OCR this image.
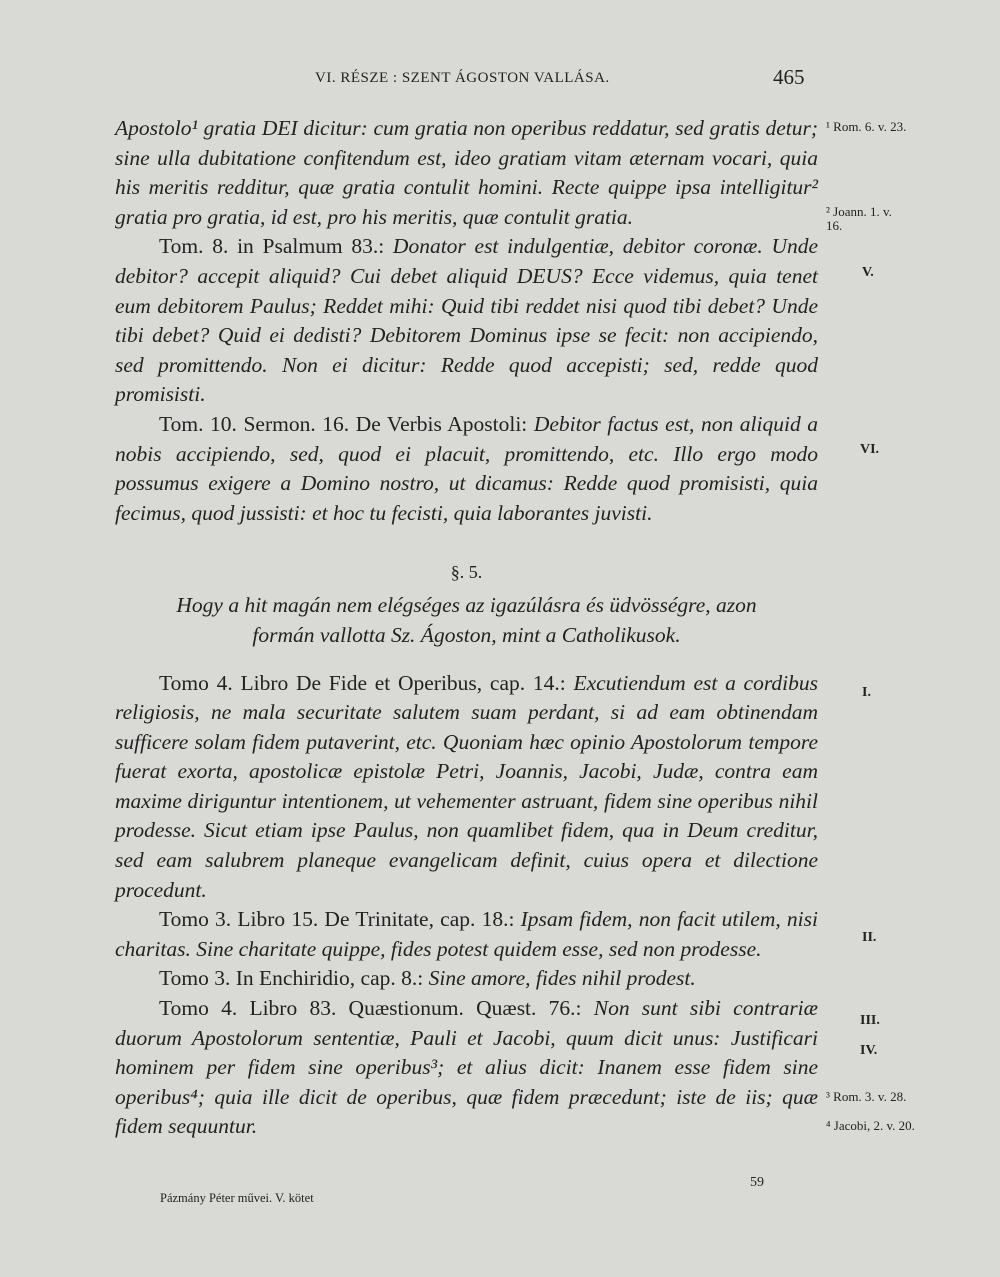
VI. RÉSZE : SZENT ÁGOSTON VALLÁSA.	465

Apostolo¹ gratia DEI dicitur: cum gratia non operibus reddatur, sed gratis detur; sine ulla dubitatione confitendum est, ideo gratiam vitam æternam vocari, quia his meritis redditur, quæ gratia contulit homini. Recte quippe ipsa intelligitur² gratia pro gratia, id est, pro his meritis, quæ contulit gratia.

Tom. 8. in Psalmum 83.: Donator est indulgentiæ, debitor coronæ. Unde debitor? accepit aliquid? Cui debet aliquid DEUS? Ecce videmus, quia tenet eum debitorem Paulus; Reddet mihi: Quid tibi reddet nisi quod tibi debet? Unde tibi debet? Quid ei dedisti? Debitorem Dominus ipse se fecit: non accipiendo, sed promittendo. Non ei dicitur: Redde quod accepisti; sed, redde quod promisisti.

Tom. 10. Sermon. 16. De Verbis Apostoli: Debitor factus est, non aliquid a nobis accipiendo, sed, quod ei placuit, promittendo, etc. Illo ergo modo possumus exigere a Domino nostro, ut dicamus: Redde quod promisisti, quia fecimus, quod jussisti: et hoc tu fecisti, quia laborantes juvisti.

§. 5.

Hogy a hit magán nem elégséges az igazúlásra és üdvösségre, azon
formán vallotta Sz. Ágoston, mint a Catholikusok.

Tomo 4. Libro De Fide et Operibus, cap. 14.: Excutiendum est a cordibus religiosis, ne mala securitate salutem suam perdant, si ad eam obtinendam sufficere solam fidem putaverint, etc. Quoniam hæc opinio Apostolorum tempore fuerat exorta, apostolicæ epistolæ Petri, Joannis, Jacobi, Judæ, contra eam maxime diriguntur intentionem, ut vehementer astruant, fidem sine operibus nihil prodesse. Sicut etiam ipse Paulus, non quamlibet fidem, qua in Deum creditur, sed eam salubrem planeque evangelicam definit, cuius opera et dilectione procedunt.

Tomo 3. Libro 15. De Trinitate, cap. 18.: Ipsam fidem, non facit utilem, nisi charitas. Sine charitate quippe, fides potest quidem esse, sed non prodesse.

Tomo 3. In Enchiridio, cap. 8.: Sine amore, fides nihil prodest.

Tomo 4. Libro 83. Quæstionum. Quæst. 76.: Non sunt sibi contrariæ duorum Apostolorum sententiæ, Pauli et Jacobi, quum dicit unus: Justificari hominem per fidem sine operibus³; et alius dicit: Inanem esse fidem sine operibus⁴; quia ille dicit de operibus, quæ fidem præcedunt; iste de iis; quæ fidem sequuntur.

¹ Rom. 6. v. 23.
² Joann. 1. v. 16.
V.
VI.
I.
II.
III.
IV.
³ Rom. 3. v. 28.
⁴ Jacobi, 2. v. 20.
Pázmány Péter művei. V. kötet
59
